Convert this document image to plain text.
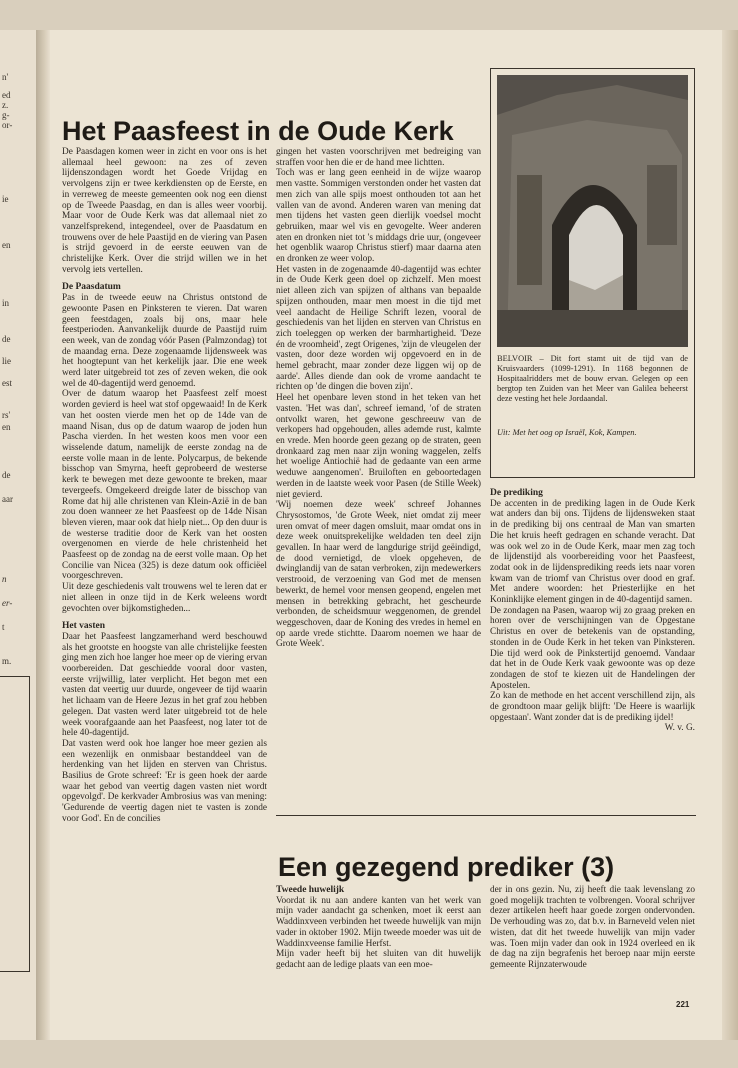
n'
ed
z.
g-
or-
ie
en
in
de
lie
est
rs'
en
de
aar
n
er-
t
m.
Het Paasfeest in de Oude Kerk

De Paasdagen komen weer in zicht en voor ons is het allemaal heel gewoon: na zes of zeven lijdenszondagen wordt het Goede Vrijdag en vervolgens zijn er twee kerkdiensten op de Eerste, en in verreweg de meeste gemeenten ook nog een dienst op de Tweede Paasdag, en dan is alles weer voorbij. Maar voor de Oude Kerk was dat allemaal niet zo vanzelfsprekend, integendeel, over de Paasdatum en trouwens over de hele Paastijd en de viering van Pasen is strijd gevoerd in de eerste eeuwen van de christelijke Kerk. Over die strijd willen we in het vervolg iets vertellen.

De Paasdatum

Pas in de tweede eeuw na Christus ontstond de gewoonte Pasen en Pinksteren te vieren. Dat waren geen feestdagen, zoals bij ons, maar hele feestperioden. Aanvankelijk duurde de Paastijd ruim een week, van de zondag vóór Pasen (Palmzondag) tot de maandag erna. Deze zogenaamde lijdensweek was het hoogtepunt van het kerkelijk jaar. Die ene week werd later uitgebreid tot zes of zeven weken, die ook wel de 40-dagentijd werd genoemd.

Over de datum waarop het Paasfeest zelf moest worden gevierd is heel wat stof opgewaaid! In de Kerk van het oosten vierde men het op de 14de van de maand Nisan, dus op de datum waarop de joden hun Pascha vierden. In het westen koos men voor een wisselende datum, namelijk de eerste zondag na de eerste volle maan in de lente. Polycarpus, de bekende bisschop van Smyrna, heeft geprobeerd de westerse kerk te bewegen met deze gewoonte te breken, maar tevergeefs. Omgekeerd dreigde later de bisschop van Rome dat hij alle christenen van Klein-Azië in de ban zou doen wanneer ze het Paasfeest op de 14de Nisan bleven vieren, maar ook dat hielp niet... Op den duur is de westerse traditie door de Kerk van het oosten overgenomen en vierde de hele christenheid het Paasfeest op de zondag na de eerst volle maan. Op het Concilie van Nicea (325) is deze datum ook officiëel voorgeschreven.

Uit deze geschiedenis valt trouwens wel te leren dat er niet alleen in onze tijd in de Kerk weleens wordt gevochten over bijkomstigheden...

Het vasten

Daar het Paasfeest langzamerhand werd beschouwd als het grootste en hoogste van alle christelijke feesten ging men zich hoe langer hoe meer op de viering ervan voorbereiden. Dat geschiedde vooral door vasten, eerste vrijwillig, later verplicht. Het begon met een vasten dat veertig uur duurde, ongeveer de tijd waarin het lichaam van de Heere Jezus in het graf zou hebben gelegen. Dat vasten werd later uitgebreid tot de hele week voorafgaande aan het Paasfeest, nog later tot de hele 40-dagentijd.

Dat vasten werd ook hoe langer hoe meer gezien als een wezenlijk en onmisbaar bestanddeel van de herdenking van het lijden en sterven van Christus. Basilius de Grote schreef: 'Er is geen hoek der aarde waar het gebod van veertig dagen vasten niet wordt opgevolgd'. De kerkvader Ambrosius was van mening: 'Gedurende de veertig dagen niet te vasten is zonde voor God'. En de concilies

gingen het vasten voorschrijven met bedreiging van straffen voor hen die er de hand mee lichtten.

Toch was er lang geen eenheid in de wijze waarop men vastte. Sommigen verstonden onder het vasten dat men zich van alle spijs moest onthouden tot aan het vallen van de avond. Anderen waren van mening dat men tijdens het vasten geen dierlijk voedsel mocht gebruiken, maar wel vis en gevogelte. Weer anderen aten en dronken niet tot 's middags drie uur, (ongeveer het ogenblik waarop Christus stierf) maar daarna aten en dronken ze weer volop.

Het vasten in de zogenaamde 40-dagentijd was echter in de Oude Kerk geen doel op zichzelf. Men moest niet alleen zich van spijzen of althans van bepaalde spijzen onthouden, maar men moest in die tijd met veel aandacht de Heilige Schrift lezen, vooral de geschiedenis van het lijden en sterven van Christus en zich toeleggen op werken der barmhartigheid. 'Deze én de vroomheid', zegt Origenes, 'zijn de vleugelen der vasten, door deze worden wij opgevoerd en in de hemel gebracht, maar zonder deze liggen wij op de aarde'. Alles diende dan ook de vrome aandacht te richten op 'de dingen die boven zijn'.

Heel het openbare leven stond in het teken van het vasten. 'Het was dan', schreef iemand, 'of de straten ontvolkt waren, het gewone geschreeuw van de verkopers had opgehouden, alles ademde rust, kalmte en vrede. Men hoorde geen gezang op de straten, geen dronkaard zag men naar zijn woning waggelen, zelfs het woelige Antiochië had de gedaante van een arme weduwe aangenomen'. Bruiloften en geboortedagen werden in de laatste week voor Pasen (de Stille Week) niet gevierd.

'Wij noemen deze week' schreef Johannes Chrysostomos, 'de Grote Week, niet omdat zij meer uren omvat of meer dagen omsluit, maar omdat ons in deze week onuitsprekelijke weldaden ten deel zijn gevallen. In haar werd de langdurige strijd geëindigd, de dood vernietigd, de vloek opgeheven, de dwinglandij van de satan verbroken, zijn medewerkers verstrooid, de verzoening van God met de mensen bewerkt, de hemel voor mensen geopend, engelen met mensen in betrekking gebracht, het gescheurde verbonden, de scheidsmuur weggenomen, de grendel weggeschoven, daar de Koning des vredes in hemel en op aarde vrede stichtte. Daarom noemen we haar de Grote Week'.

BELVOIR – Dit fort stamt uit de tijd van de Kruisvaarders (1099-1291). In 1168 begonnen de Hospitaalridders met de bouw ervan. Gelegen op een bergtop ten Zuiden van het Meer van Galilea beheerst deze vesting het hele Jordaandal.

Uit: Met het oog op Israël, Kok, Kampen.

De prediking

De accenten in de prediking lagen in de Oude Kerk wat anders dan bij ons. Tijdens de lijdensweken staat in de prediking bij ons centraal de Man van smarten Die het kruis heeft gedragen en schande veracht. Dat was ook wel zo in de Oude Kerk, maar men zag toch de lijdenstijd als voorbereiding voor het Paasfeest, zodat ook in de lijdensprediking reeds iets naar voren kwam van de triomf van Christus over dood en graf. Met andere woorden: het Priesterlijke en het Koninklijke element gingen in de 40-dagentijd samen.

De zondagen na Pasen, waarop wij zo graag preken en horen over de verschijningen van de Opgestane Christus en over de betekenis van de opstanding, stonden in de Oude Kerk in het teken van Pinksteren. Die tijd werd ook de Pinkstertijd genoemd. Vandaar dat het in de Oude Kerk vaak gewoonte was op deze zondagen de stof te kiezen uit de Handelingen der Apostelen.

Zo kan de methode en het accent verschillend zijn, als de grondtoon maar gelijk blijft: 'De Heere is waarlijk opgestaan'. Want zonder dat is de prediking ijdel!

W. v. G.

Een gezegend prediker (3)
Tweede huwelijk

Voordat ik nu aan andere kanten van het werk van mijn vader aandacht ga schenken, moet ik eerst aan Waddinxveen verbinden het tweede huwelijk van mijn vader in oktober 1902. Mijn tweede moeder was uit de Waddinxveense familie Herfst.

Mijn vader heeft bij het sluiten van dit huwelijk gedacht aan de ledige plaats van een moe-

der in ons gezin. Nu, zij heeft die taak levenslang zo goed mogelijk trachten te volbrengen. Vooral schrijver dezer artikelen heeft haar goede zorgen ondervonden. De verhouding was zo, dat b.v. in Barneveld velen niet wisten, dat dit het tweede huwelijk van mijn vader was. Toen mijn vader dan ook in 1924 overleed en ik de dag na zijn begrafenis het beroep naar mijn eerste gemeente Rijnzaterwoude

221
